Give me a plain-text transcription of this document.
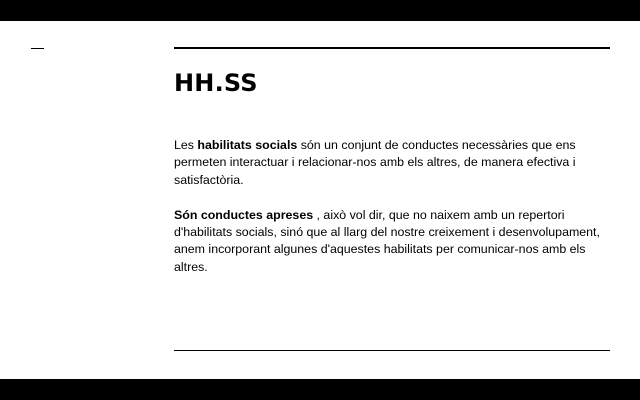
HH.SS

Les habilitats socials són un conjunt de conductes necessàries que ens permeten interactuar i relacionar-nos amb els altres, de manera efectiva i satisfactòria.

Són conductes apreses , això vol dir, que no naixem amb un repertori d'habilitats socials, sinó que al llarg del nostre creixement i desenvolupament, anem incorporant algunes d'aquestes habilitats per comunicar-nos amb els altres.
